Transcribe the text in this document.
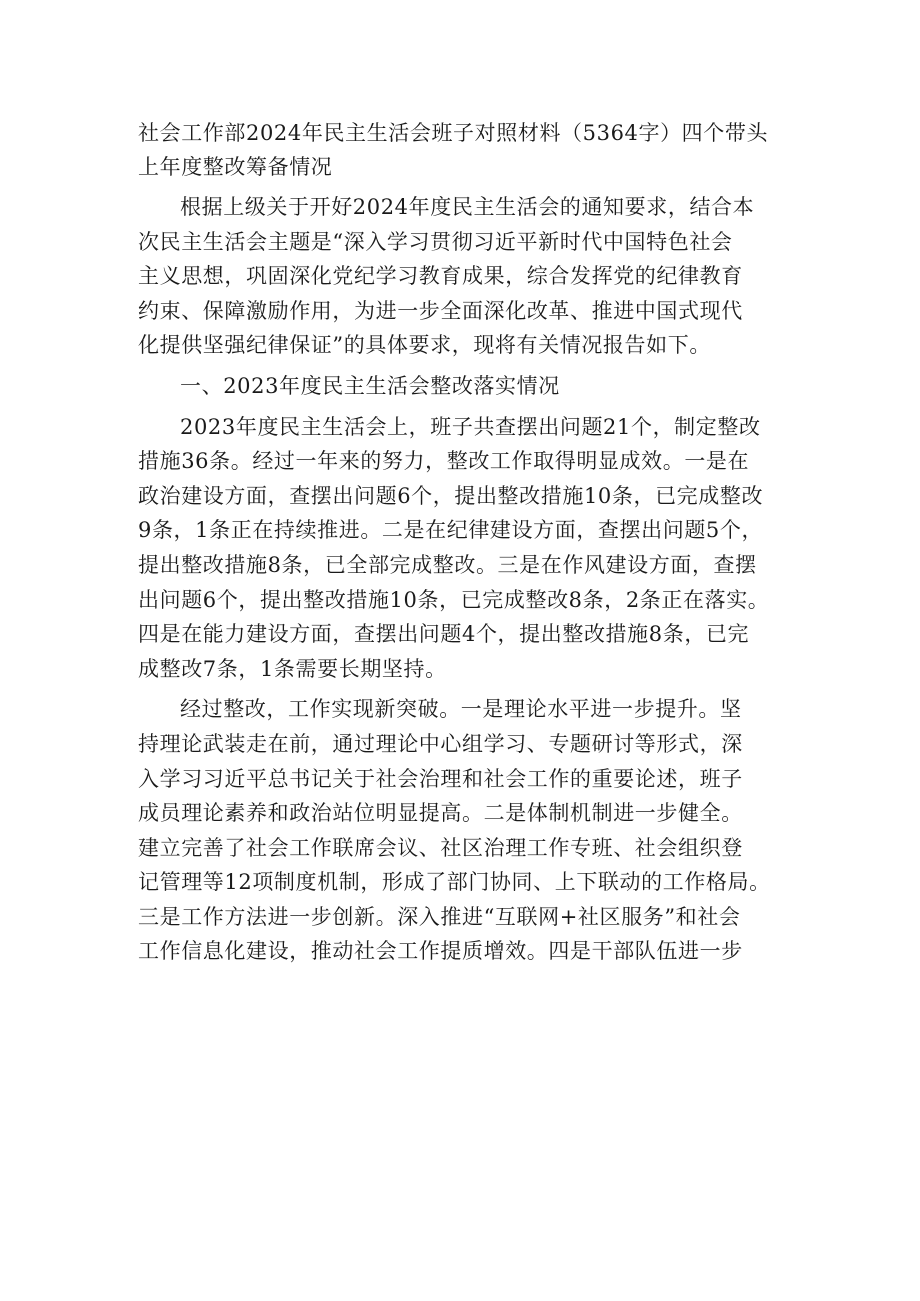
社会工作部2024年民主生活会班子对照材料（5364字）四个带头

上年度整改筹备情况

根据上级关于开好2024年度民主生活会的通知要求，结合本
次民主生活会主题是“深入学习贯彻习近平新时代中国特色社会
主义思想，巩固深化党纪学习教育成果，综合发挥党的纪律教育
约束、保障激励作用，为进一步全面深化改革、推进中国式现代
化提供坚强纪律保证”的具体要求，现将有关情况报告如下。

一、2023年度民主生活会整改落实情况

2023年度民主生活会上，班子共查摆出问题21个，制定整改
措施36条。经过一年来的努力，整改工作取得明显成效。一是在
政治建设方面，查摆出问题6个，提出整改措施10条，已完成整改
9条，1条正在持续推进。二是在纪律建设方面，查摆出问题5个，
提出整改措施8条，已全部完成整改。三是在作风建设方面，查摆
出问题6个，提出整改措施10条，已完成整改8条，2条正在落实。
四是在能力建设方面，查摆出问题4个，提出整改措施8条，已完
成整改7条，1条需要长期坚持。

经过整改，工作实现新突破。一是理论水平进一步提升。坚
持理论武装走在前，通过理论中心组学习、专题研讨等形式，深
入学习习近平总书记关于社会治理和社会工作的重要论述，班子
成员理论素养和政治站位明显提高。二是体制机制进一步健全。
建立完善了社会工作联席会议、社区治理工作专班、社会组织登
记管理等12项制度机制，形成了部门协同、上下联动的工作格局。
三是工作方法进一步创新。深入推进“互联网+社区服务”和社会
工作信息化建设，推动社会工作提质增效。四是干部队伍进一步
